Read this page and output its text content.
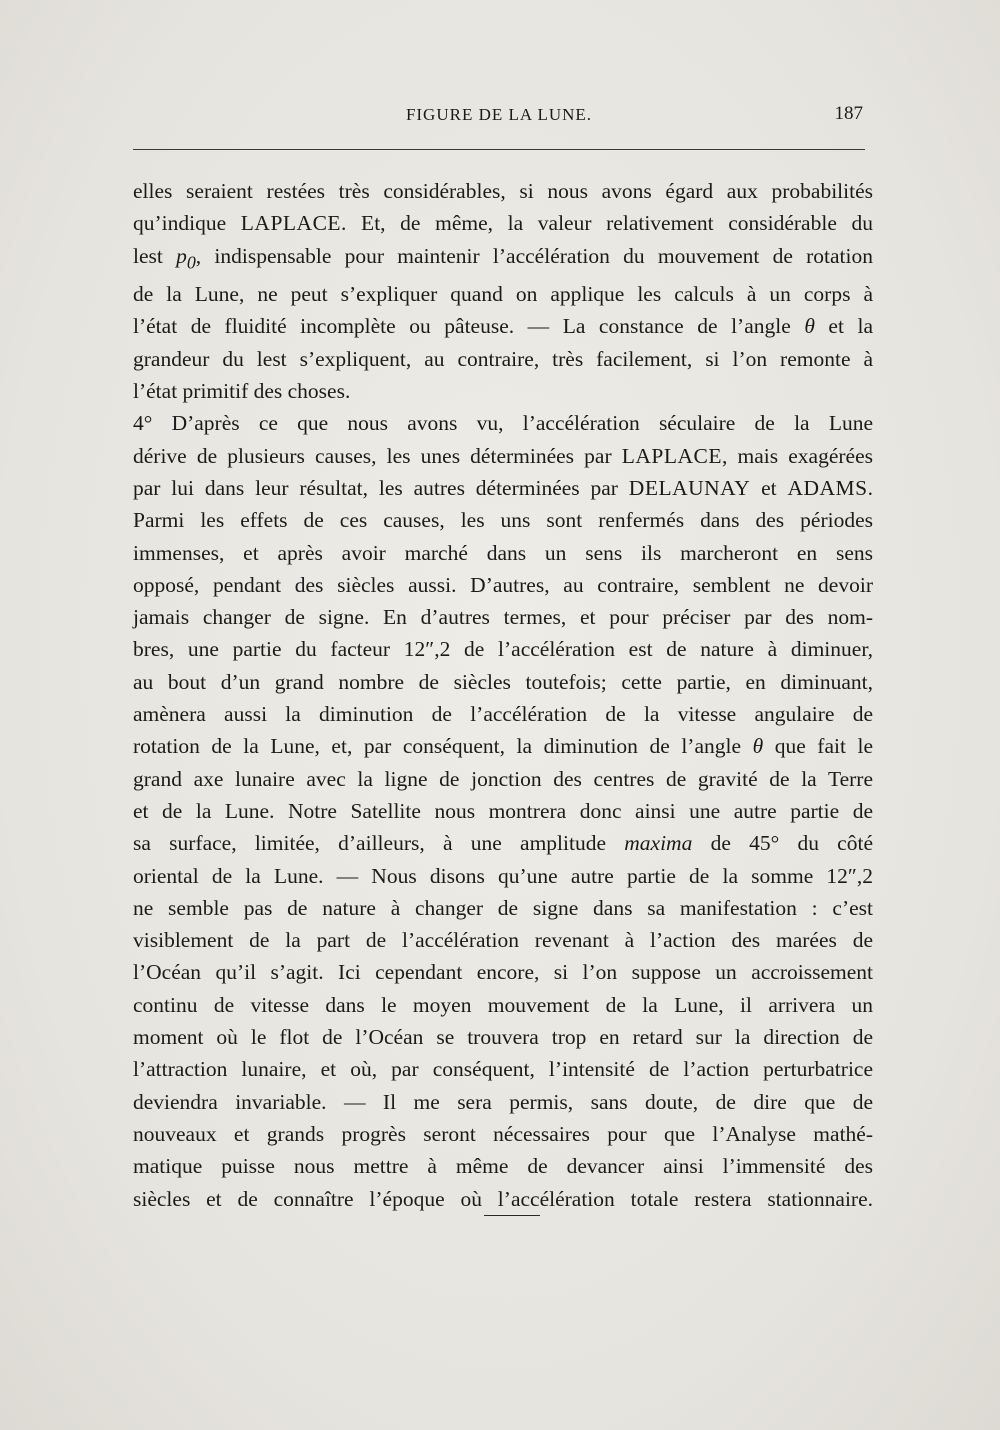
FIGURE DE LA LUNE.	187
elles seraient restées très considérables, si nous avons égard aux probabilités
qu’indique LAPLACE. Et, de même, la valeur relativement considérable du
lest $p_0$, indispensable pour maintenir l’accélération du mouvement de rotation
de la Lune, ne peut s’expliquer quand on applique les calculs à un corps à
l’état de fluidité incomplète ou pâteuse. — La constance de l’angle θ et la
grandeur du lest s’expliquent, au contraire, très facilement, si l’on remonte à
l’état primitif des choses.
4° D’après ce que nous avons vu, l’accélération séculaire de la Lune
dérive de plusieurs causes, les unes déterminées par LAPLACE, mais exagérées
par lui dans leur résultat, les autres déterminées par DELAUNAY et ADAMS.
Parmi les effets de ces causes, les uns sont renfermés dans des périodes
immenses, et après avoir marché dans un sens ils marcheront en sens
opposé, pendant des siècles aussi. D’autres, au contraire, semblent ne devoir
jamais changer de signe. En d’autres termes, et pour préciser par des nom-
bres, une partie du facteur 12″,2 de l’accélération est de nature à diminuer,
au bout d’un grand nombre de siècles toutefois; cette partie, en diminuant,
amènera aussi la diminution de l’accélération de la vitesse angulaire de
rotation de la Lune, et, par conséquent, la diminution de l’angle θ que fait le
grand axe lunaire avec la ligne de jonction des centres de gravité de la Terre
et de la Lune. Notre Satellite nous montrera donc ainsi une autre partie de
sa surface, limitée, d’ailleurs, à une amplitude maxima de 45° du côté
oriental de la Lune. — Nous disons qu’une autre partie de la somme 12″,2
ne semble pas de nature à changer de signe dans sa manifestation : c’est
visiblement de la part de l’accélération revenant à l’action des marées de
l’Océan qu’il s’agit. Ici cependant encore, si l’on suppose un accroissement
continu de vitesse dans le moyen mouvement de la Lune, il arrivera un
moment où le flot de l’Océan se trouvera trop en retard sur la direction de
l’attraction lunaire, et où, par conséquent, l’intensité de l’action perturbatrice
deviendra invariable. — Il me sera permis, sans doute, de dire que de
nouveaux et grands progrès seront nécessaires pour que l’Analyse mathé-
matique puisse nous mettre à même de devancer ainsi l’immensité des
siècles et de connaître l’époque où l’accélération totale restera stationnaire.
